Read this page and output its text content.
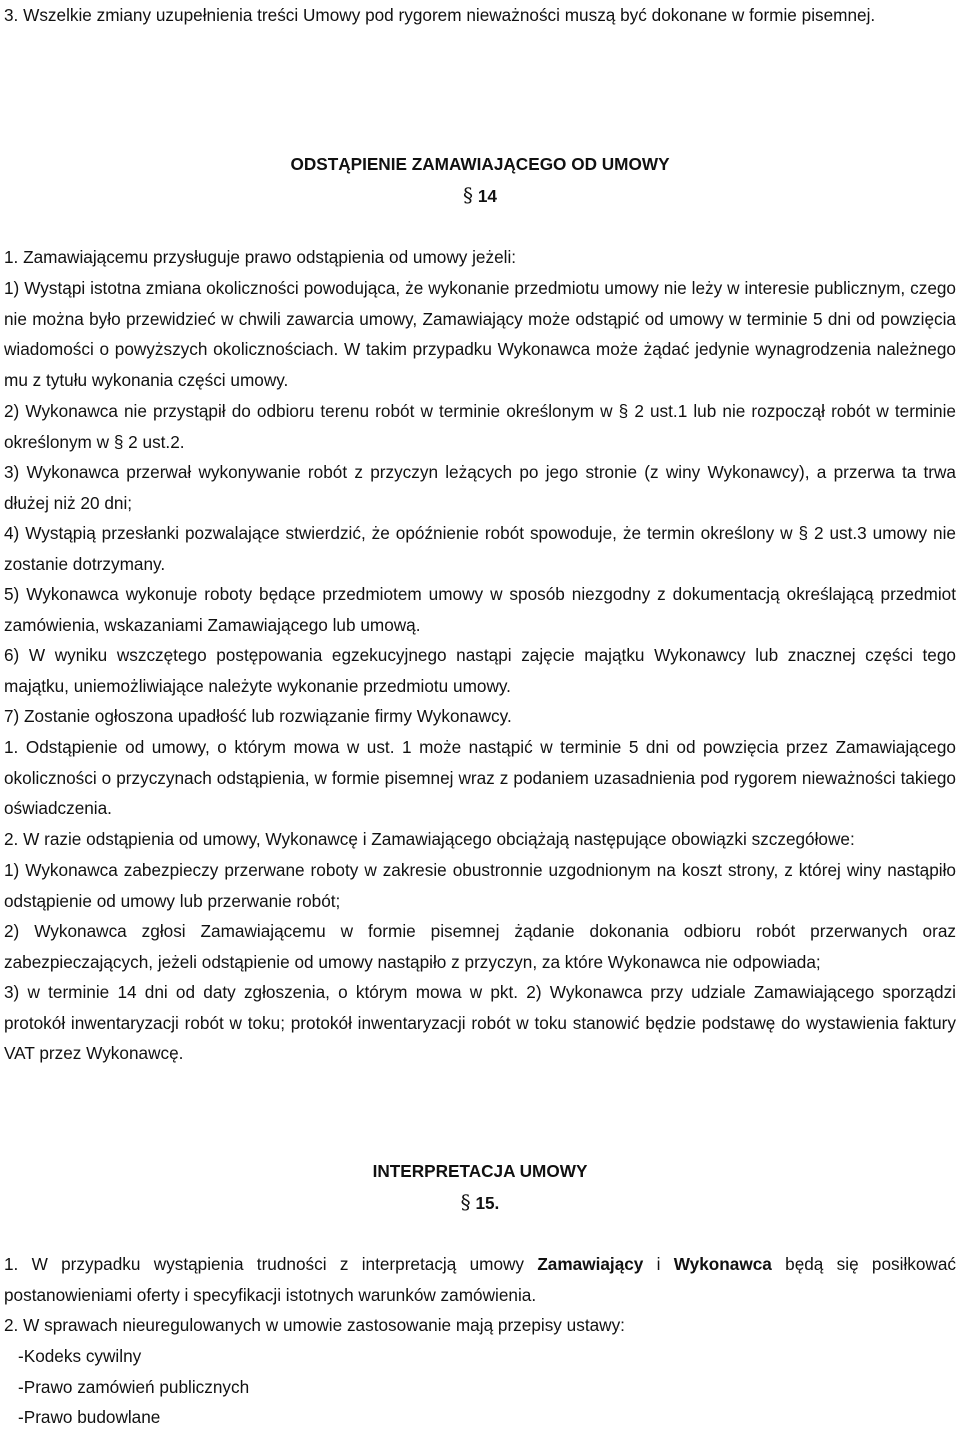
3. Wszelkie zmiany uzupełnienia treści Umowy pod rygorem nieważności muszą być dokonane w formie pisemnej.

ODSTĄPIENIE ZAMAWIAJĄCEGO OD UMOWY

§ 14

1. Zamawiającemu przysługuje prawo odstąpienia od umowy jeżeli:

1) Wystąpi istotna zmiana okoliczności powodująca, że wykonanie przedmiotu umowy nie leży w interesie publicznym, czego nie można było przewidzieć w chwili zawarcia umowy, Zamawiający może odstąpić od umowy w terminie 5 dni od powzięcia wiadomości o powyższych okolicznościach. W takim przypadku Wykonawca może żądać jedynie wynagrodzenia należnego mu z tytułu wykonania części umowy.

2) Wykonawca nie przystąpił do odbioru terenu robót w terminie określonym w § 2 ust.1 lub nie rozpoczął robót w terminie określonym w § 2 ust.2.

3) Wykonawca przerwał wykonywanie robót z przyczyn leżących po jego stronie (z winy Wykonawcy), a przerwa ta trwa dłużej niż 20 dni;

4) Wystąpią przesłanki pozwalające stwierdzić, że opóźnienie robót spowoduje, że termin określony w § 2 ust.3 umowy nie zostanie dotrzymany.

5) Wykonawca wykonuje roboty będące przedmiotem umowy w sposób niezgodny z dokumentacją określającą przedmiot zamówienia, wskazaniami Zamawiającego lub umową.

6) W wyniku wszczętego postępowania egzekucyjnego nastąpi zajęcie majątku Wykonawcy lub znacznej części tego majątku, uniemożliwiające należyte wykonanie przedmiotu umowy.

7) Zostanie ogłoszona upadłość lub rozwiązanie firmy Wykonawcy.

1. Odstąpienie od umowy, o którym mowa w ust. 1 może nastąpić w terminie 5 dni od powzięcia przez Zamawiającego okoliczności o przyczynach odstąpienia, w formie pisemnej wraz z podaniem uzasadnienia pod rygorem nieważności takiego oświadczenia.

2. W razie odstąpienia od umowy, Wykonawcę i Zamawiającego obciążają następujące obowiązki szczegółowe:

1) Wykonawca zabezpieczy przerwane roboty w zakresie obustronnie uzgodnionym na koszt strony, z której winy nastąpiło odstąpienie od umowy lub przerwanie robót;

2) Wykonawca zgłosi Zamawiającemu w formie pisemnej żądanie dokonania odbioru robót przerwanych oraz zabezpieczających, jeżeli odstąpienie od umowy nastąpiło z przyczyn, za które Wykonawca nie odpowiada;

3) w terminie 14 dni od daty zgłoszenia, o którym mowa w pkt. 2) Wykonawca przy udziale Zamawiającego sporządzi protokół inwentaryzacji robót w toku; protokół inwentaryzacji robót w toku stanowić będzie podstawę do wystawienia faktury VAT przez Wykonawcę.

INTERPRETACJA UMOWY

§ 15.

1. W przypadku wystąpienia trudności z interpretacją umowy Zamawiający i Wykonawca będą się posiłkować postanowieniami oferty i specyfikacji istotnych warunków zamówienia.

2. W sprawach nieuregulowanych w umowie zastosowanie mają przepisy ustawy:

-Kodeks cywilny

-Prawo zamówień publicznych

-Prawo budowlane
